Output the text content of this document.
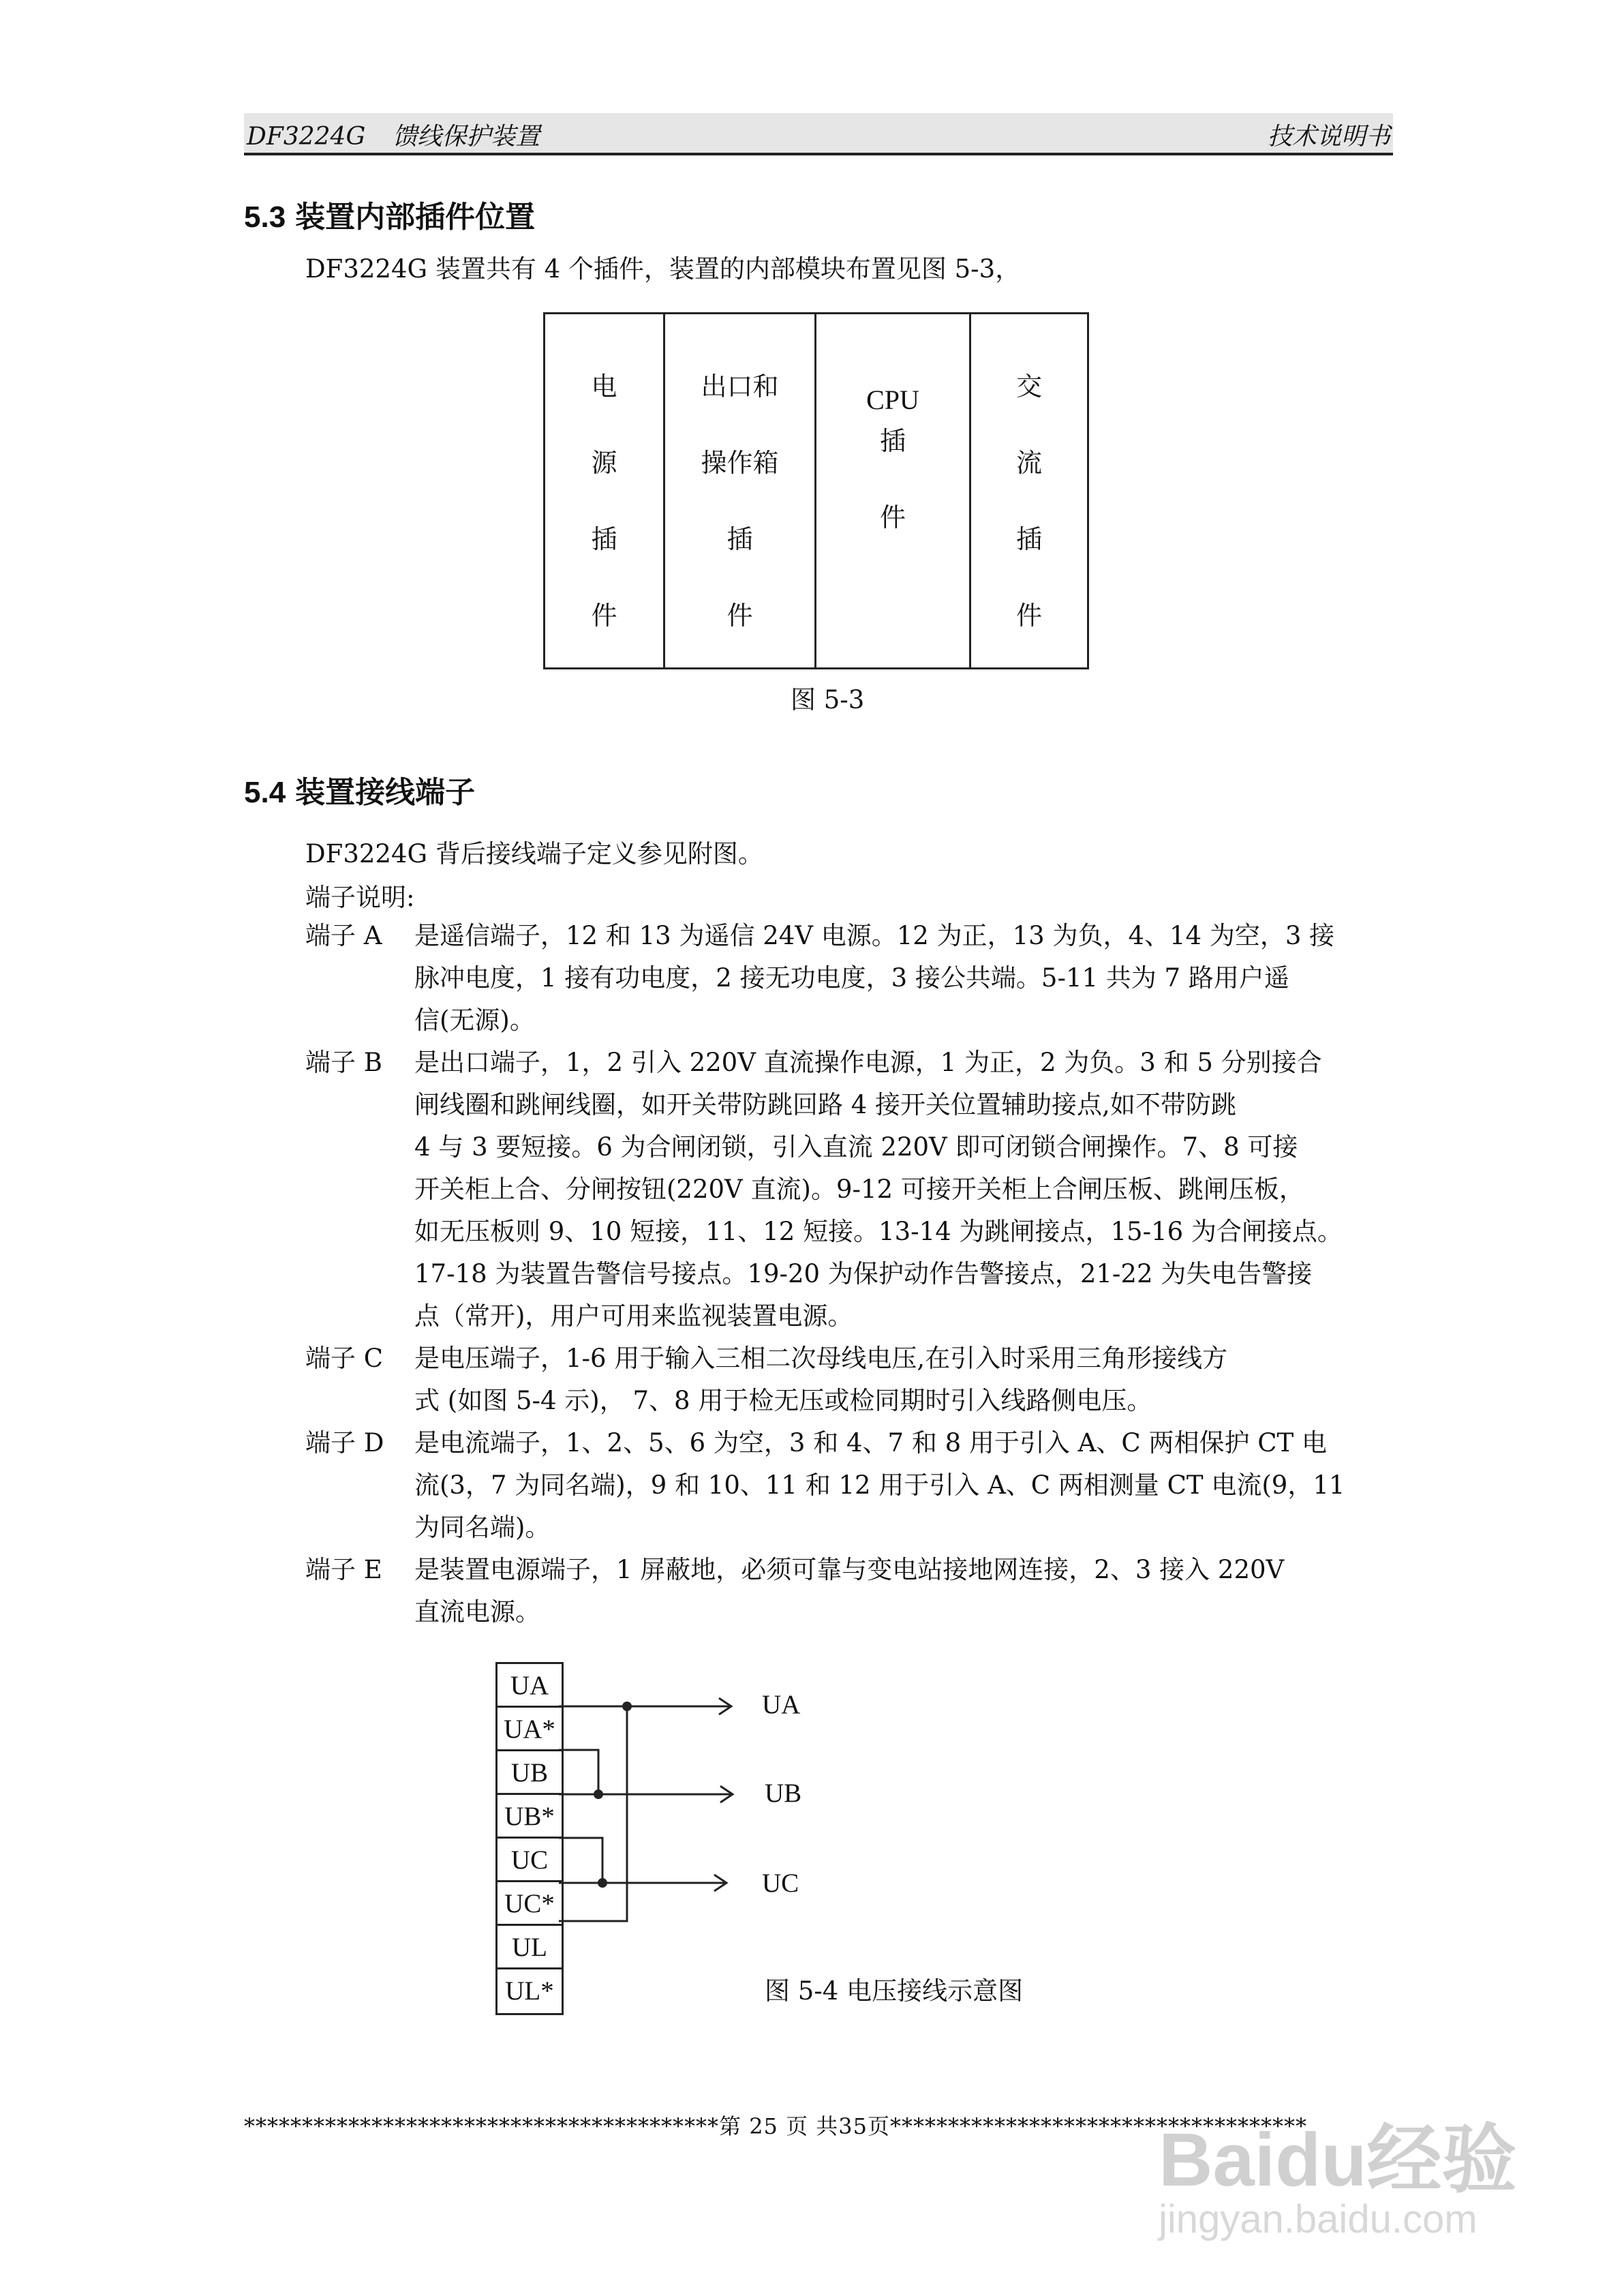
DF3224G 馈线保护装置	技术说明书
5.3 装置内部插件位置
DF3224G 装置共有 4 个插件，装置的内部模块布置见图 5-3，
电
源
插
件
出口和
操作箱
插
件
CPU
插
件
交
流
插
件
图 5-3
5.4 装置接线端子
DF3224G 背后接线端子定义参见附图。
端子说明:
端子 A	是遥信端子，12 和 13 为遥信 24V 电源。12 为正，13 为负，4、14 为空，3 接
脉冲电度，1 接有功电度，2 接无功电度，3 接公共端。5-11 共为 7 路用户遥
信(无源)。
端子 B	是出口端子，1，2 引入 220V 直流操作电源，1 为正，2 为负。3 和 5 分别接合
闸线圈和跳闸线圈，如开关带防跳回路 4 接开关位置辅助接点,如不带防跳
4 与 3 要短接。6 为合闸闭锁，引入直流 220V 即可闭锁合闸操作。7、8 可接
开关柜上合、分闸按钮(220V 直流)。9-12 可接开关柜上合闸压板、跳闸压板，
如无压板则 9、10 短接，11、12 短接。13-14 为跳闸接点，15-16 为合闸接点。
17-18 为装置告警信号接点。19-20 为保护动作告警接点，21-22 为失电告警接
点（常开)，用户可用来监视装置电源。
端子 C	是电压端子，1-6 用于输入三相二次母线电压,在引入时采用三角形接线方
式 (如图 5-4 示)， 7、8 用于检无压或检同期时引入线路侧电压。
端子 D	是电流端子，1、2、5、6 为空，3 和 4、7 和 8 用于引入 A、C 两相保护 CT 电
流(3，7 为同名端)，9 和 10、11 和 12 用于引入 A、C 两相测量 CT 电流(9，11
为同名端)。
端子 E	是装置电源端子，1 屏蔽地，必须可靠与变电站接地网连接，2、3 接入 220V
直流电源。
UA
UA*
UB
UB*
UC
UC*
UL
UL*
UA
UB
UC
图 5-4 电压接线示意图
*****************************************第 25 页 共35页************************************
Baidu经验
jingyan.baidu.com
